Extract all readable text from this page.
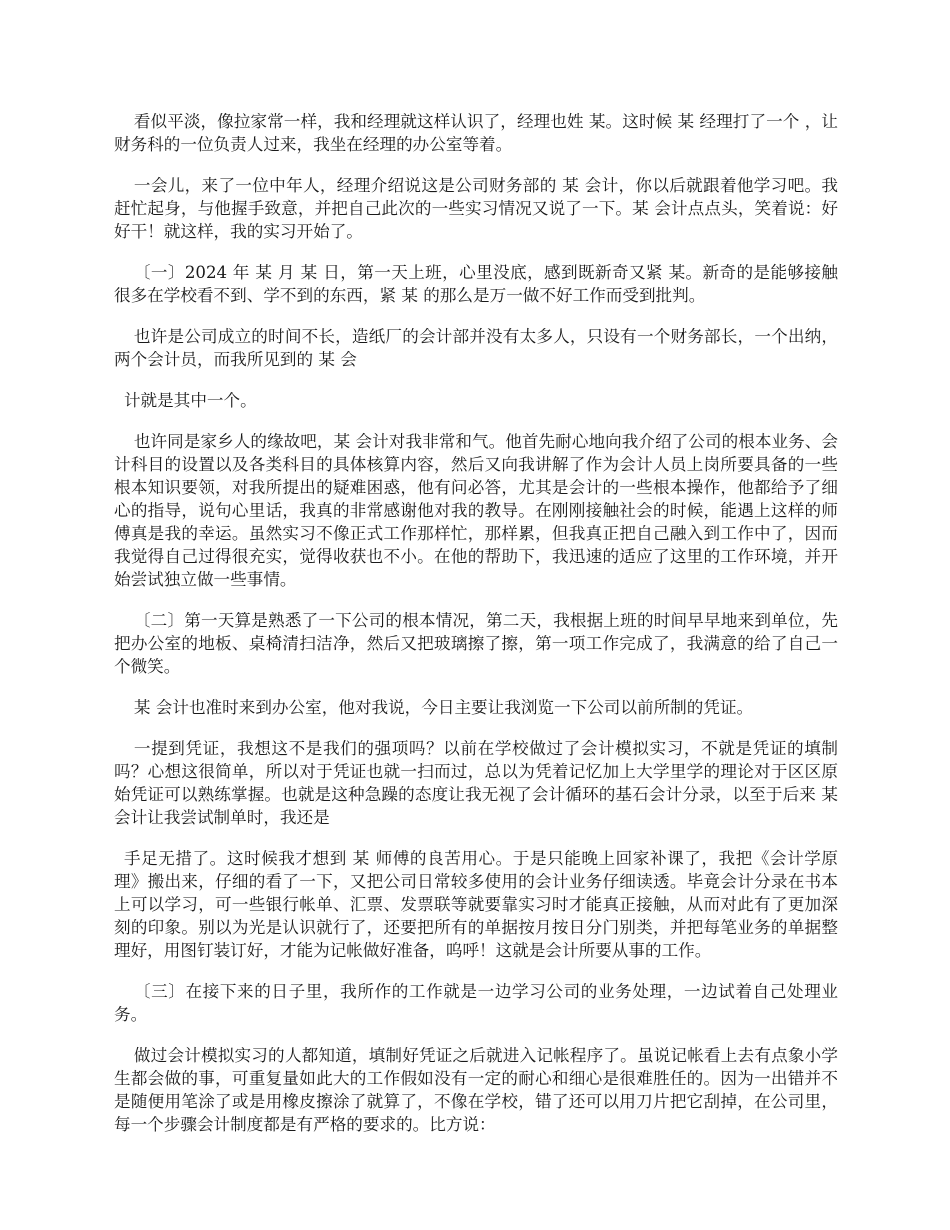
看似平淡，像拉家常一样，我和经理就这样认识了，经理也姓 某。这时候 某 经理打了一个 ，让财务科的一位负责人过来，我坐在经理的办公室等着。

一会儿，来了一位中年人，经理介绍说这是公司财务部的 某 会计，你以后就跟着他学习吧。我赶忙起身，与他握手致意，并把自己此次的一些实习情况又说了一下。某 会计点点头，笑着说：好好干！就这样，我的实习开始了。

〔一〕2024 年 某 月 某 日，第一天上班，心里没底，感到既新奇又紧 某。新奇的是能够接触很多在学校看不到、学不到的东西，紧 某 的那么是万一做不好工作而受到批判。

也许是公司成立的时间不长，造纸厂的会计部并没有太多人，只设有一个财务部长，一个出纳，两个会计员，而我所见到的 某 会

计就是其中一个。

也许同是家乡人的缘故吧，某 会计对我非常和气。他首先耐心地向我介绍了公司的根本业务、会计科目的设置以及各类科目的具体核算内容，然后又向我讲解了作为会计人员上岗所要具备的一些根本知识要领，对我所提出的疑难困惑，他有问必答，尤其是会计的一些根本操作，他都给予了细心的指导，说句心里话，我真的非常感谢他对我的教导。在刚刚接触社会的时候，能遇上这样的师傅真是我的幸运。虽然实习不像正式工作那样忙，那样累，但我真正把自己融入到工作中了，因而我觉得自己过得很充实，觉得收获也不小。在他的帮助下，我迅速的适应了这里的工作环境，并开始尝试独立做一些事情。

〔二〕第一天算是熟悉了一下公司的根本情况，第二天，我根据上班的时间早早地来到单位，先把办公室的地板、桌椅清扫洁净，然后又把玻璃擦了擦，第一项工作完成了，我满意的给了自己一个微笑。

某 会计也准时来到办公室，他对我说，今日主要让我浏览一下公司以前所制的凭证。

一提到凭证，我想这不是我们的强项吗？以前在学校做过了会计模拟实习，不就是凭证的填制吗？心想这很简单，所以对于凭证也就一扫而过，总以为凭着记忆加上大学里学的理论对于区区原始凭证可以熟练掌握。也就是这种急躁的态度让我无视了会计循环的基石会计分录，以至于后来 某 会计让我尝试制单时，我还是

手足无措了。这时候我才想到 某 师傅的良苦用心。于是只能晚上回家补课了，我把《会计学原理》搬出来，仔细的看了一下，又把公司日常较多使用的会计业务仔细读透。毕竟会计分录在书本上可以学习，可一些银行帐单、汇票、发票联等就要靠实习时才能真正接触，从而对此有了更加深刻的印象。别以为光是认识就行了，还要把所有的单据按月按日分门别类，并把每笔业务的单据整理好，用图钉装订好，才能为记帐做好准备，呜呼！这就是会计所要从事的工作。

〔三〕在接下来的日子里，我所作的工作就是一边学习公司的业务处理，一边试着自己处理业务。

做过会计模拟实习的人都知道，填制好凭证之后就进入记帐程序了。虽说记帐看上去有点象小学生都会做的事，可重复量如此大的工作假如没有一定的耐心和细心是很难胜任的。因为一出错并不是随便用笔涂了或是用橡皮擦涂了就算了，不像在学校，错了还可以用刀片把它刮掉，在公司里，每一个步骤会计制度都是有严格的要求的。比方说：
